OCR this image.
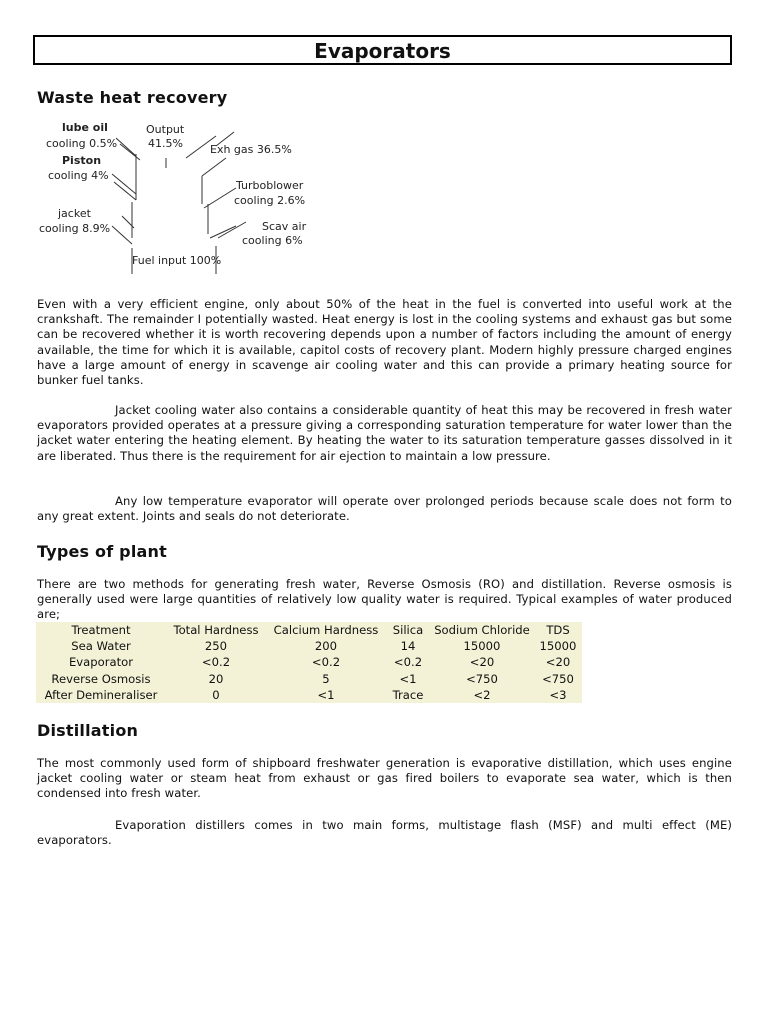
Evaporators
Waste heat recovery
lube oil
cooling 0.5%
Output
41.5% Exh gas 36.5%
Piston
cooling 4%
Turboblower
cooling 2.6%
jacket
cooling 8.9%	Scav air
cooling 6%
Fuel input 100%

Even with a very efficient engine, only about 50% of the heat in the fuel is converted into useful work at the crankshaft. The remainder I potentially wasted. Heat energy is lost in the cooling systems and exhaust gas but some can be recovered whether it is worth recovering depends upon a number of factors including the amount of energy available, the time for which it is available, capitol costs of recovery plant. Modern highly pressure charged engines have a large amount of energy in scavenge air cooling water and this can provide a primary heating source for bunker fuel tanks.

Jacket cooling water also contains a considerable quantity of heat this may be recovered in fresh water evaporators provided operates at a pressure giving a corresponding saturation temperature for water lower than the jacket water entering the heating element. By heating the water to its saturation temperature gasses dissolved in it are liberated. Thus there is the requirement for air ejection to maintain a low pressure.

Any low temperature evaporator will operate over prolonged periods because scale does not form to any great extent. Joints and seals do not deteriorate.

Types of plant

There are two methods for generating fresh water, Reverse Osmosis (RO) and distillation. Reverse osmosis is generally used were large quantities of relatively low quality water is required. Typical examples of water produced are;

Treatment	Total Hardness	Calcium Hardness	Silica	Sodium Chloride	TDS
Sea Water	250	200	14	15000	15000
Evaporator	<0.2	<0.2	<0.2	<20	<20
Reverse Osmosis	20	5	<1	<750	<750
After Demineraliser	0	<1	Trace	<2	<3
Distillation

The most commonly used form of shipboard freshwater generation is evaporative distillation, which uses engine jacket cooling water or steam heat from exhaust or gas fired boilers to evaporate sea water, which is then condensed into fresh water.

Evaporation distillers comes in two main forms, multistage flash (MSF) and multi effect (ME) evaporators.
